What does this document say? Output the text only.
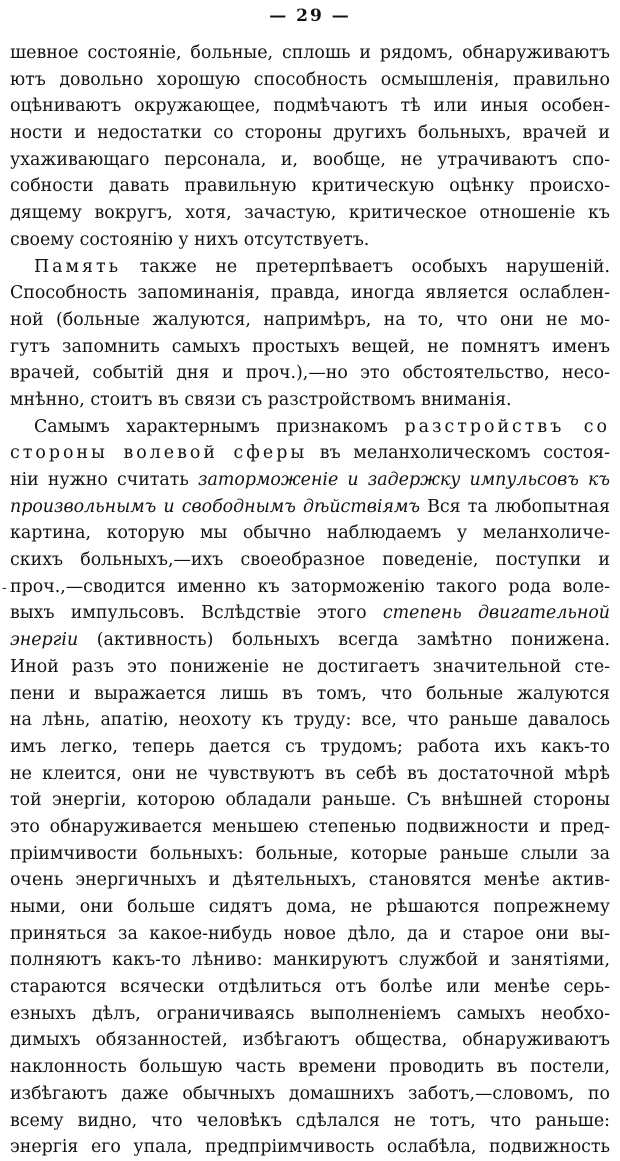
— 29 —
-
шевное состояніе, больные, сплошь и рядомъ, обнаруживаютъ
ютъ довольно хорошую способность осмышленія, правильно
оцѣниваютъ окружающее, подмѣчаютъ тѣ или иныя особен-
ности и недостатки со стороны другихъ больныхъ, врачей и
ухаживающаго персонала, и, вообще, не утрачиваютъ спо-
собности давать правильную критическую оцѣнку происхо-
дящему вокругъ, хотя, зачастую, критическое отношеніе къ
своему состоянію у нихъ отсутствуетъ.
Память также не претерпѣваетъ особыхъ нарушеній.
Способность запоминанія, правда, иногда является ослаблен-
ной (больные жалуются, напримѣръ, на то, что они не мо-
гутъ запомнить самыхъ простыхъ вещей, не помнятъ именъ
врачей, событій дня и проч.),—но это обстоятельство, несо-
мнѣнно, стоитъ въ связи съ разстройствомъ вниманія.
Самымъ характернымъ признакомъ разстройствъ со
стороны волевой сферы въ меланхолическомъ состоя-
ніи нужно считать заторможеніе и задержку импульсовъ къ
произвольнымъ и свободнымъ дѣйствіямъ Вся та любопытная
картина, которую мы обычно наблюдаемъ у меланхоличе-
скихъ больныхъ,—ихъ своеобразное поведеніе, поступки и
проч.,—сводится именно къ заторможенію такого рода воле-
выхъ импульсовъ. Вслѣдствіе этого степень двигательной
энергіи (активность) больныхъ всегда замѣтно понижена.
Иной разъ это пониженіе не достигаетъ значительной сте-
пени и выражается лишь въ томъ, что больные жалуются
на лѣнь, апатію, неохоту къ труду: все, что раньше давалось
имъ легко, теперь дается съ трудомъ; работа ихъ какъ-то
не клеится, они не чувствуютъ въ себѣ въ достаточной мѣрѣ
той энергіи, которою обладали раньше. Съ внѣшней стороны
это обнаруживается меньшею степенью подвижности и пред-
пріимчивости больныхъ: больные, которые раньше слыли за
очень энергичныхъ и дѣятельныхъ, становятся менѣе актив-
ными, они больше сидятъ дома, не рѣшаются попрежнему
приняться за какое-нибудь новое дѣло, да и старое они вы-
полняютъ какъ-то лѣниво: манкируютъ службой и занятіями,
стараются всячески отдѣлиться отъ болѣе или менѣе серь-
езныхъ дѣлъ, ограничиваясь выполненіемъ самыхъ необхо-
димыхъ обязанностей, избѣгаютъ общества, обнаруживаютъ
наклонность большую часть времени проводить въ постели,
избѣгаютъ даже обычныхъ домашнихъ заботъ,—словомъ, по
всему видно, что человѣкъ сдѣлался не тотъ, что раньше:
энергія его упала, предпріимчивость ослабѣла, подвижность
